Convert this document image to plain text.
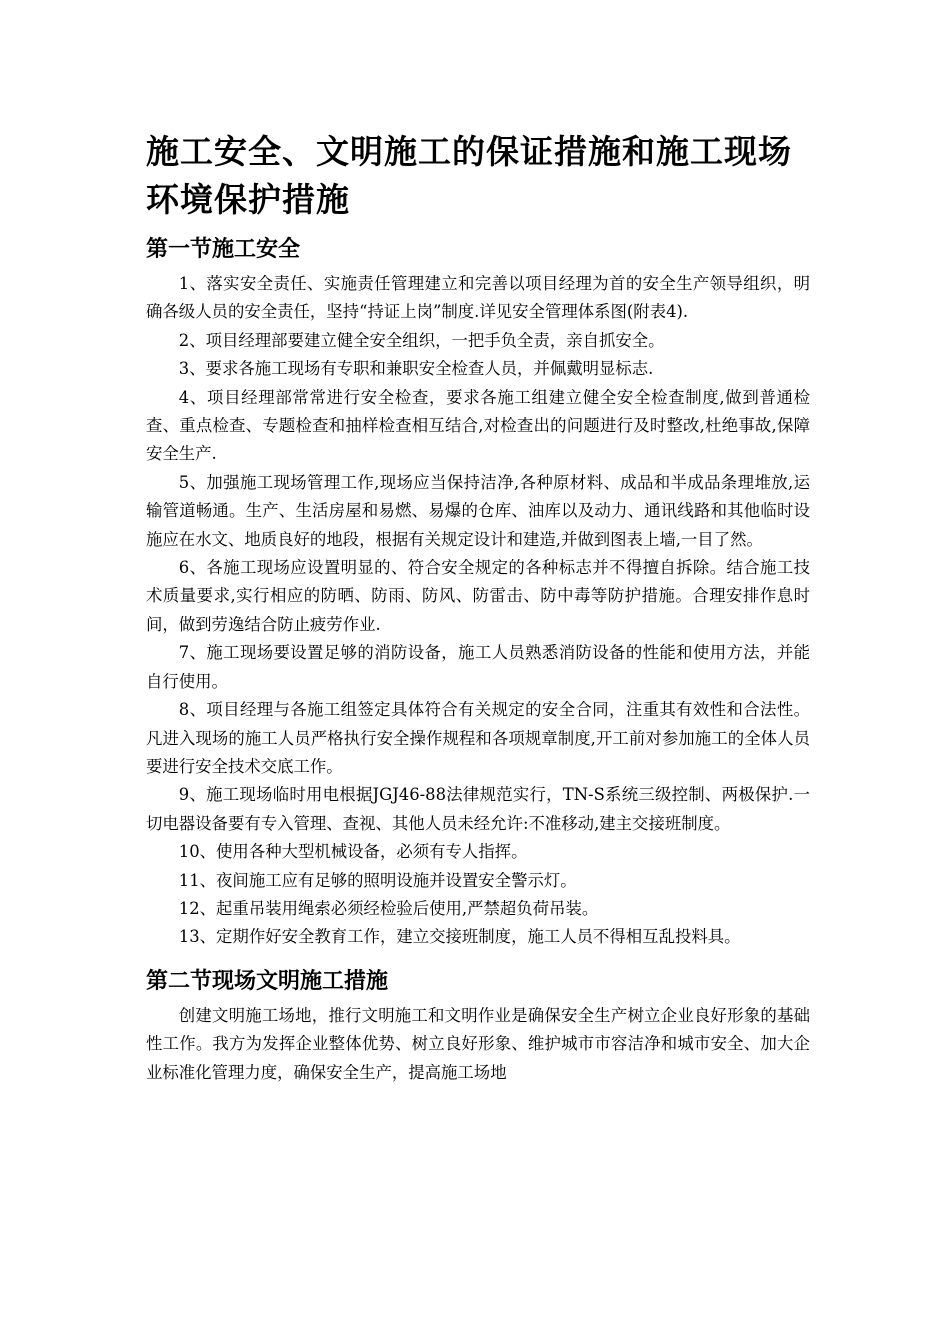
施工安全、文明施工的保证措施和施工现场环境保护措施
第一节施工安全

1、落实安全责任、实施责任管理建立和完善以项目经理为首的安全生产领导组织，明确各级人员的安全责任，坚持“持证上岗”制度.详见安全管理体系图(附表4).

2、项目经理部要建立健全安全组织，一把手负全责，亲自抓安全。

3、要求各施工现场有专职和兼职安全检查人员，并佩戴明显标志.

4、项目经理部常常进行安全检查，要求各施工组建立健全安全检查制度,做到普通检查、重点检查、专题检查和抽样检查相互结合,对检查出的问题进行及时整改,杜绝事故,保障安全生产.

5、加强施工现场管理工作,现场应当保持洁净,各种原材料、成品和半成品条理堆放,运输管道畅通。生产、生活房屋和易燃、易爆的仓库、油库以及动力、通讯线路和其他临时设施应在水文、地质良好的地段，根据有关规定设计和建造,并做到图表上墙,一目了然。

6、各施工现场应设置明显的、符合安全规定的各种标志并不得擅自拆除。结合施工技术质量要求,实行相应的防晒、防雨、防风、防雷击、防中毒等防护措施。合理安排作息时间，做到劳逸结合防止疲劳作业.

7、施工现场要设置足够的消防设备，施工人员熟悉消防设备的性能和使用方法，并能自行使用。

8、项目经理与各施工组签定具体符合有关规定的安全合同，注重其有效性和合法性。凡进入现场的施工人员严格执行安全操作规程和各项规章制度,开工前对参加施工的全体人员要进行安全技术交底工作。

9、施工现场临时用电根据JGJ46-88法律规范实行，TN-S系统三级控制、两极保护.一切电器设备要有专入管理、查视、其他人员未经允许:不准移动,建主交接班制度。

10、使用各种大型机械设备，必须有专人指挥。

11、夜间施工应有足够的照明设施并设置安全警示灯。

12、起重吊装用绳索必须经检验后使用,严禁超负荷吊装。

13、定期作好安全教育工作，建立交接班制度，施工人员不得相互乱投料具。

第二节现场文明施工措施

创建文明施工场地，推行文明施工和文明作业是确保安全生产树立企业良好形象的基础性工作。我方为发挥企业整体优势、树立良好形象、维护城市市容洁净和城市安全、加大企业标准化管理力度，确保安全生产，提高施工场地
